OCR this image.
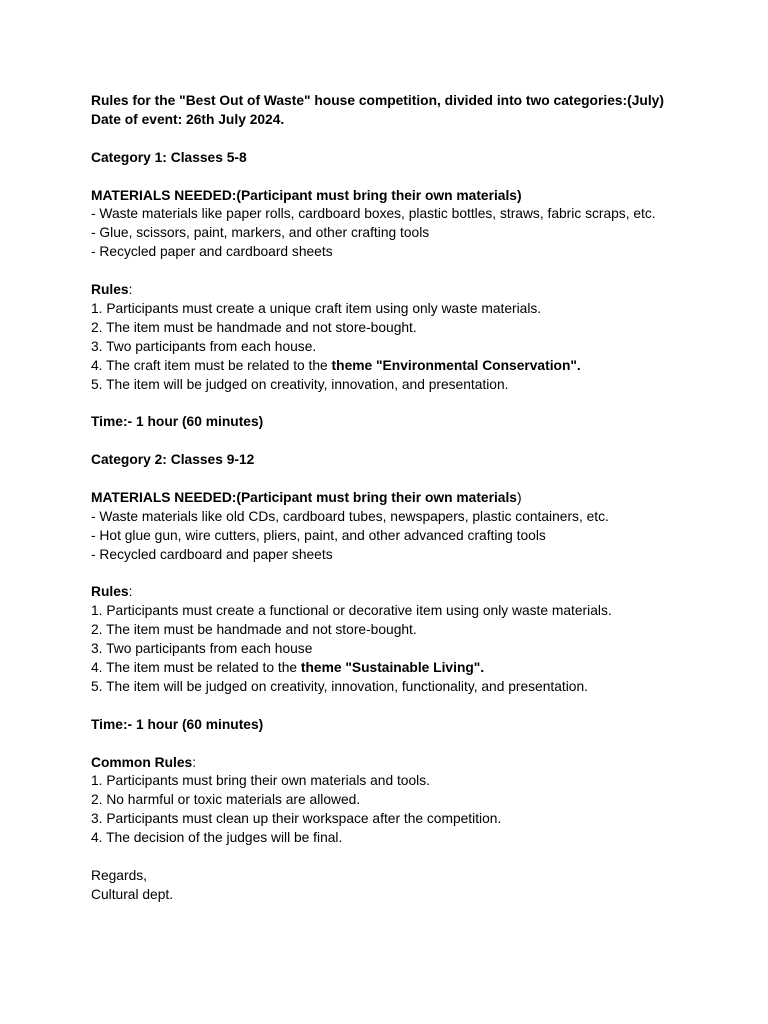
Rules for the "Best Out of Waste" house competition, divided into two categories:(July)
Date of event: 26th July 2024.
Category 1: Classes 5-8
MATERIALS NEEDED:(Participant must bring their own materials)
- Waste materials like paper rolls, cardboard boxes, plastic bottles, straws, fabric scraps, etc.
- Glue, scissors, paint, markers, and other crafting tools
- Recycled paper and cardboard sheets
Rules:
1. Participants must create a unique craft item using only waste materials.
2. The item must be handmade and not store-bought.
3. Two participants from each house.
4. The craft item must be related to the theme "Environmental Conservation".
5. The item will be judged on creativity, innovation, and presentation.
Time:- 1 hour (60 minutes)
Category 2: Classes 9-12
MATERIALS NEEDED:(Participant must bring their own materials)
- Waste materials like old CDs, cardboard tubes, newspapers, plastic containers, etc.
- Hot glue gun, wire cutters, pliers, paint, and other advanced crafting tools
- Recycled cardboard and paper sheets
Rules:
1. Participants must create a functional or decorative item using only waste materials.
2. The item must be handmade and not store-bought.
3. Two participants from each house
4. The item must be related to the theme "Sustainable Living".
5. The item will be judged on creativity, innovation, functionality, and presentation.
Time:- 1 hour (60 minutes)
Common Rules:
1. Participants must bring their own materials and tools.
2. No harmful or toxic materials are allowed.
3. Participants must clean up their workspace after the competition.
4. The decision of the judges will be final.
Regards,
Cultural dept.
